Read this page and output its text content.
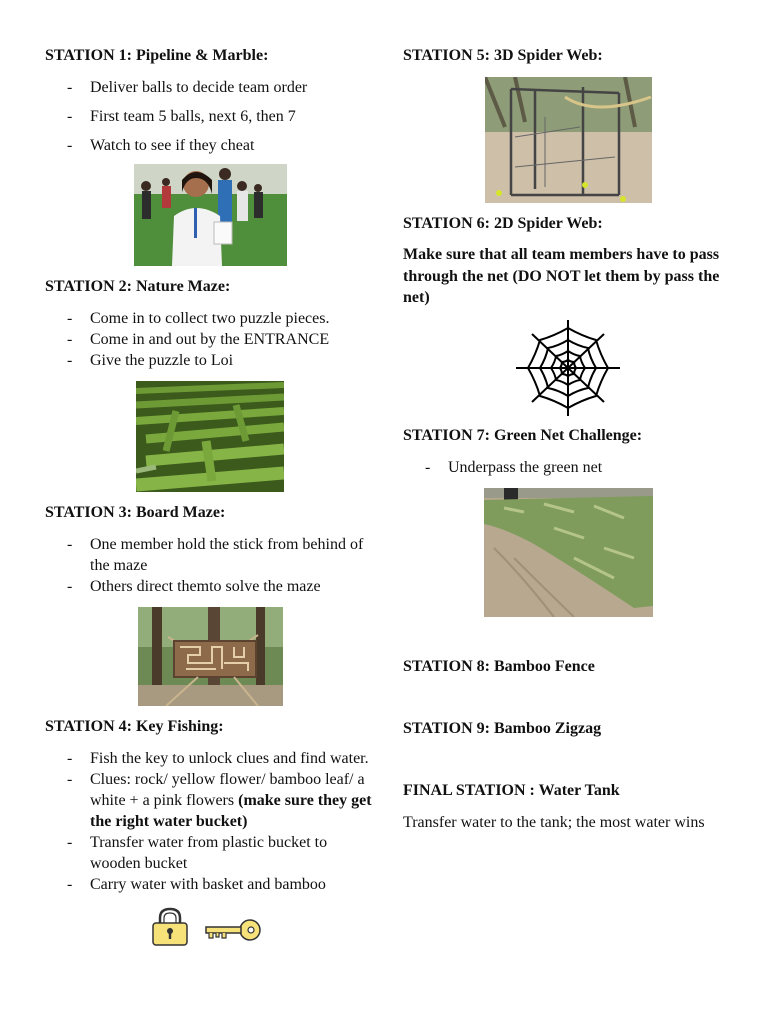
STATION 1: Pipeline & Marble:
- Deliver balls to decide team order
- First team 5 balls, next 6, then 7
- Watch to see if they cheat
STATION 2: Nature Maze:
- Come in to collect two puzzle pieces.
- Come in and out by the ENTRANCE
- Give the puzzle to Loi
STATION 3: Board Maze:
- One member hold the stick from behind of the maze
- Others direct themto solve the maze
STATION 4: Key Fishing:
- Fish the key to unlock clues and find water.
- Clues: rock/ yellow flower/ bamboo leaf/ a white + a pink flowers (make sure they get the right water bucket)
- Transfer water from plastic bucket to wooden bucket
- Carry water with basket and bamboo
STATION 5: 3D Spider Web:
STATION 6: 2D Spider Web:

Make sure that all team members have to pass through the net (DO NOT let them by pass the net)

STATION 7: Green Net Challenge:
- Underpass the green net
STATION 8: Bamboo Fence
STATION 9: Bamboo Zigzag
FINAL STATION : Water Tank

Transfer water to the tank; the most water wins
